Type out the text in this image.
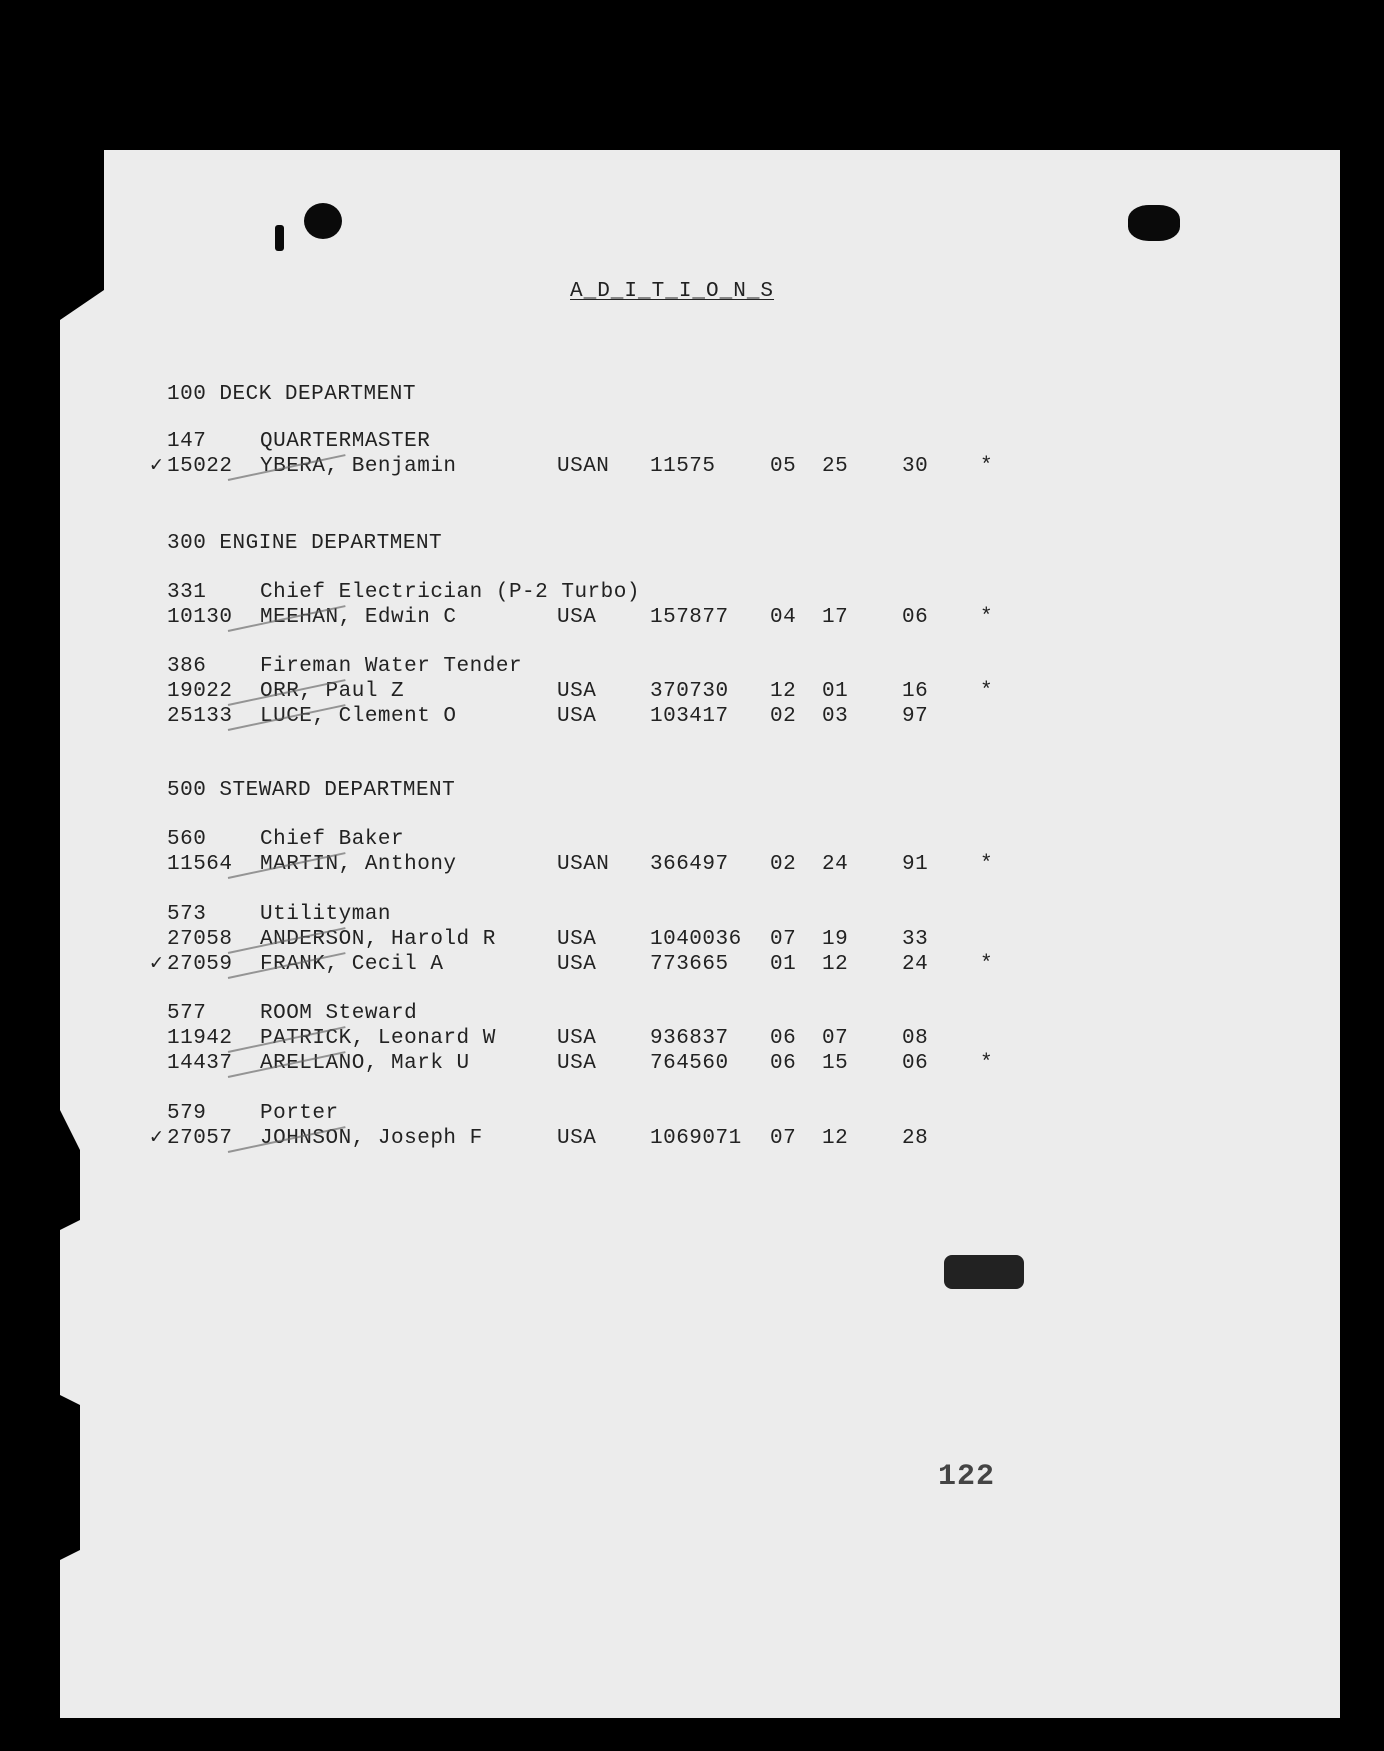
A_D_I_T_I_O_N_S
100 DECK DEPARTMENT
147	QUARTERMASTER
✓ 15022 YBERA, Benjamin	USAN 11575	05 25	30 *
300 ENGINE DEPARTMENT
331	Chief Electrician (P-2 Turbo)
10130 MEEHAN, Edwin C	USA	157877 04 17	06 *
386	Fireman Water Tender
19022 ORR, Paul Z	USA	370730 12 01	16 *
25133 LUCE, Clement O	USA	103417 02 03	97
500 STEWARD DEPARTMENT
560	Chief Baker
11564 MARTIN, Anthony	USAN 366497 02 24	91 *
573	Utilityman
27058 ANDERSON, Harold R	USA	1040036 07 19	33
✓ 27059 FRANK, Cecil A	USA	773665 01 12	24 *
577	ROOM Steward
11942 PATRICK, Leonard W	USA	936837 06 07	08
14437 ARELLANO, Mark U	USA	764560 06 15	06 *
579	Porter
✓ 27057 JOHNSON, Joseph F	USA	1069071 07 12	28
122
